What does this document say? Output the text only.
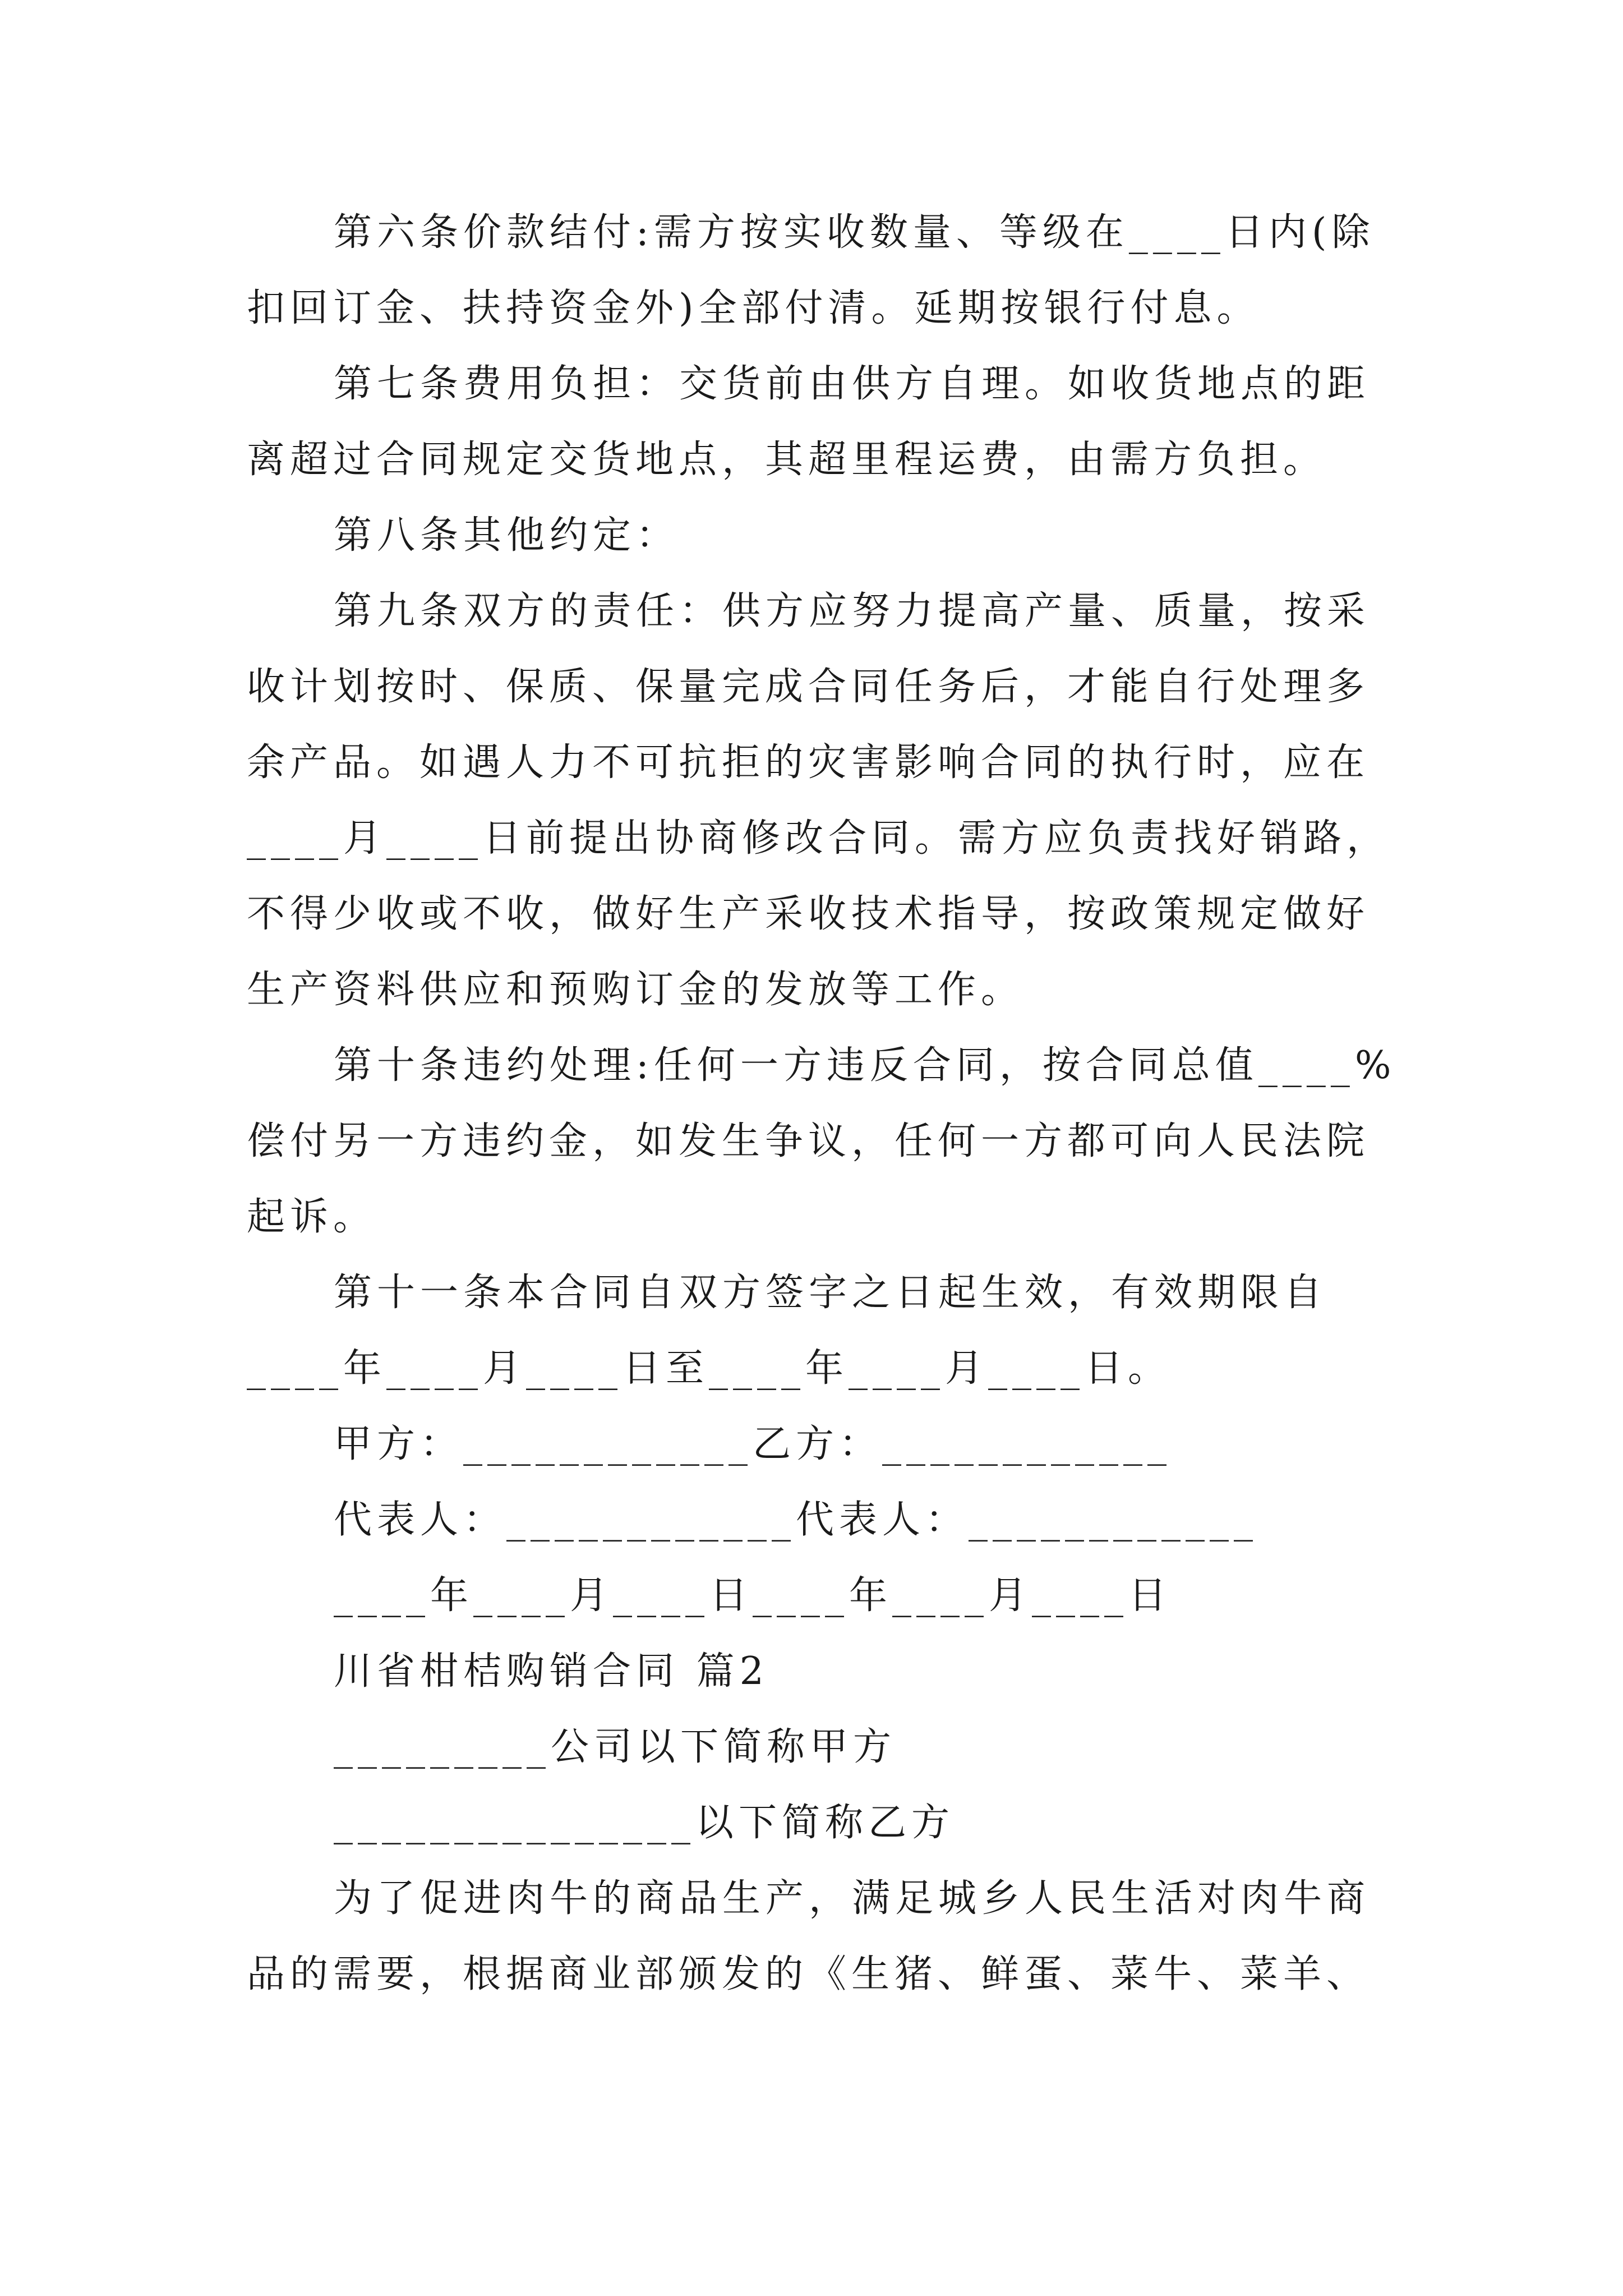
第六条价款结付:需方按实收数量、等级在____日内(除
扣回订金、扶持资金外)全部付清。延期按银行付息。
第七条费用负担：交货前由供方自理。如收货地点的距
离超过合同规定交货地点，其超里程运费，由需方负担。
第八条其他约定：
第九条双方的责任：供方应努力提高产量、质量，按采
收计划按时、保质、保量完成合同任务后，才能自行处理多
余产品。如遇人力不可抗拒的灾害影响合同的执行时，应在
____月____日前提出协商修改合同。需方应负责找好销路，
不得少收或不收，做好生产采收技术指导，按政策规定做好
生产资料供应和预购订金的发放等工作。
第十条违约处理:任何一方违反合同，按合同总值____%
偿付另一方违约金，如发生争议，任何一方都可向人民法院
起诉。
第十一条本合同自双方签字之日起生效，有效期限自
____年____月____日至____年____月____日。
甲方：____________乙方：____________
代表人：____________代表人：____________
____年____月____日____年____月____日
川省柑桔购销合同 篇2
_________公司以下简称甲方
_______________以下简称乙方
为了促进肉牛的商品生产，满足城乡人民生活对肉牛商
品的需要，根据商业部颁发的《生猪、鲜蛋、菜牛、菜羊、
